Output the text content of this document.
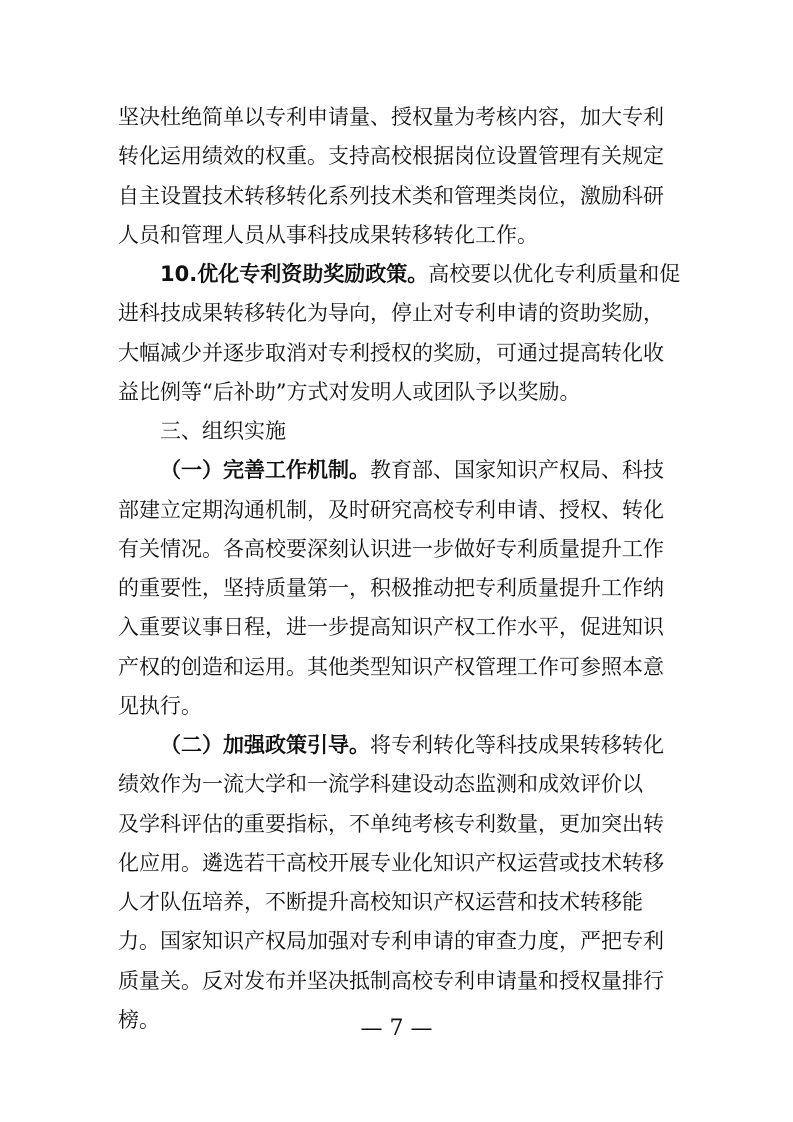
坚决杜绝简单以专利申请量、授权量为考核内容，加大专利
转化运用绩效的权重。支持高校根据岗位设置管理有关规定
自主设置技术转移转化系列技术类和管理类岗位，激励科研
人员和管理人员从事科技成果转移转化工作。
10.优化专利资助奖励政策。高校要以优化专利质量和促
进科技成果转移转化为导向，停止对专利申请的资助奖励，
大幅减少并逐步取消对专利授权的奖励，可通过提高转化收
益比例等“后补助”方式对发明人或团队予以奖励。
三、组织实施
（一）完善工作机制。教育部、国家知识产权局、科技
部建立定期沟通机制，及时研究高校专利申请、授权、转化
有关情况。各高校要深刻认识进一步做好专利质量提升工作
的重要性，坚持质量第一，积极推动把专利质量提升工作纳
入重要议事日程，进一步提高知识产权工作水平，促进知识
产权的创造和运用。其他类型知识产权管理工作可参照本意
见执行。
（二）加强政策引导。将专利转化等科技成果转移转化
绩效作为一流大学和一流学科建设动态监测和成效评价以
及学科评估的重要指标，不单纯考核专利数量，更加突出转
化应用。遴选若干高校开展专业化知识产权运营或技术转移
人才队伍培养，不断提升高校知识产权运营和技术转移能
力。国家知识产权局加强对专利申请的审查力度，严把专利
质量关。反对发布并坚决抵制高校专利申请量和授权量排行
榜。	— 7 —
